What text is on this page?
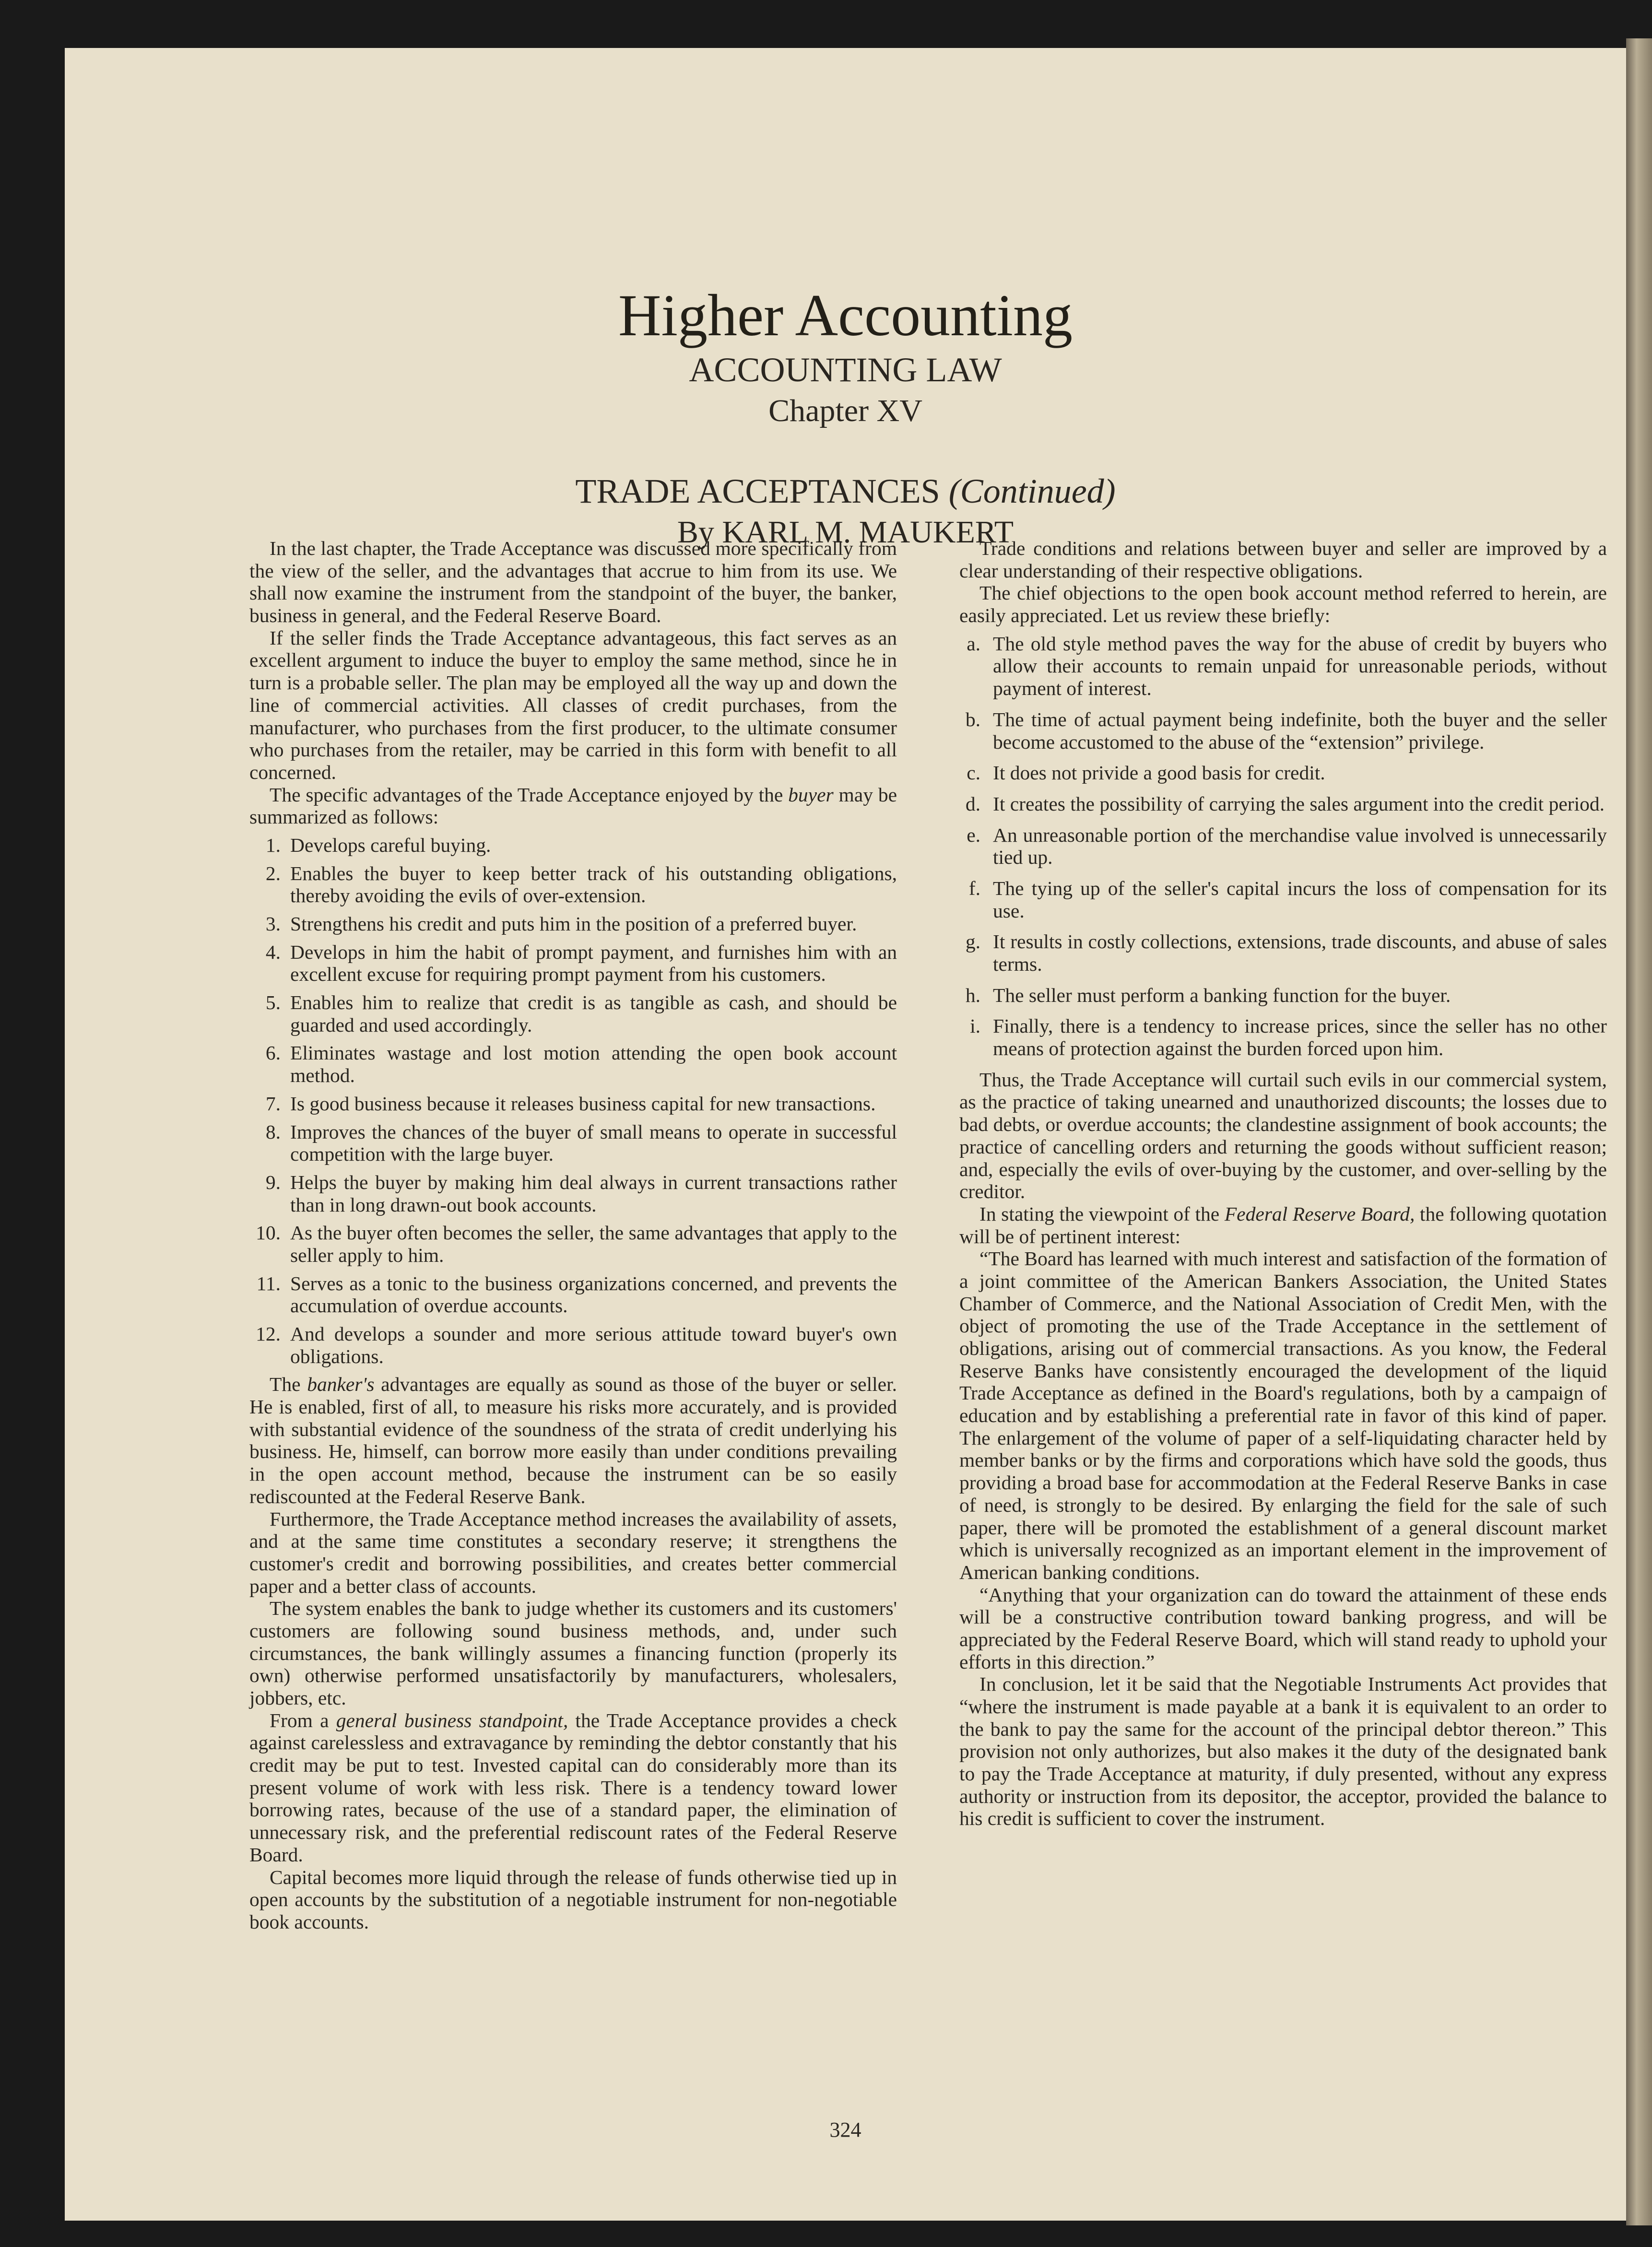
Higher Accounting
ACCOUNTING LAW
Chapter XV
TRADE ACCEPTANCES (Continued)
By KARL M. MAUKERT

In the last chapter, the Trade Acceptance was discussed more specifically from the view of the seller, and the advantages that accrue to him from its use. We shall now examine the instrument from the standpoint of the buyer, the banker, business in general, and the Federal Reserve Board.

If the seller finds the Trade Acceptance advantageous, this fact serves as an excellent argument to induce the buyer to employ the same method, since he in turn is a probable seller. The plan may be employed all the way up and down the line of commercial activities. All classes of credit purchases, from the manufacturer, who purchases from the first producer, to the ultimate consumer who purchases from the retailer, may be carried in this form with benefit to all concerned.

The specific advantages of the Trade Acceptance enjoyed by the buyer may be summarized as follows:

1. Develops careful buying.
2. Enables the buyer to keep better track of his outstanding obligations, thereby avoiding the evils of over-extension.
3. Strengthens his credit and puts him in the position of a preferred buyer.
4. Develops in him the habit of prompt payment, and furnishes him with an excellent excuse for requiring prompt payment from his customers.
5. Enables him to realize that credit is as tangible as cash, and should be guarded and used accordingly.
6. Eliminates wastage and lost motion attending the open book account method.
7. Is good business because it releases business capital for new transactions.
8. Improves the chances of the buyer of small means to operate in successful competition with the large buyer.
9. Helps the buyer by making him deal always in current transactions rather than in long drawn-out book accounts.
10. As the buyer often becomes the seller, the same advantages that apply to the seller apply to him.
11. Serves as a tonic to the business organizations concerned, and prevents the accumulation of overdue accounts.
12. And develops a sounder and more serious attitude toward buyer's own obligations.

The banker's advantages are equally as sound as those of the buyer or seller. He is enabled, first of all, to measure his risks more accurately, and is provided with substantial evidence of the soundness of the strata of credit underlying his business. He, himself, can borrow more easily than under conditions prevailing in the open account method, because the instrument can be so easily rediscounted at the Federal Reserve Bank.

Furthermore, the Trade Acceptance method increases the availability of assets, and at the same time constitutes a secondary reserve; it strengthens the customer's credit and borrowing possibilities, and creates better commercial paper and a better class of accounts.

The system enables the bank to judge whether its customers and its customers' customers are following sound business methods, and, under such circumstances, the bank willingly assumes a financing function (properly its own) otherwise performed unsatisfactorily by manufacturers, wholesalers, jobbers, etc.

From a general business standpoint, the Trade Acceptance provides a check against carelessless and extravagance by reminding the debtor constantly that his credit may be put to test. Invested capital can do considerably more than its present volume of work with less risk. There is a tendency toward lower borrowing rates, because of the use of a standard paper, the elimination of unnecessary risk, and the preferential rediscount rates of the Federal Reserve Board.

Capital becomes more liquid through the release of funds otherwise tied up in open accounts by the substitution of a negotiable instrument for non-negotiable book accounts.

Trade conditions and relations between buyer and seller are improved by a clear understanding of their respective obligations.

The chief objections to the open book account method referred to herein, are easily appreciated. Let us review these briefly:

a. The old style method paves the way for the abuse of credit by buyers who allow their accounts to remain unpaid for unreasonable periods, without payment of interest.
b. The time of actual payment being indefinite, both the buyer and the seller become accustomed to the abuse of the “extension” privilege.
c. It does not privide a good basis for credit.
d. It creates the possibility of carrying the sales argument into the credit period.
e. An unreasonable portion of the merchandise value involved is unnecessarily tied up.
f. The tying up of the seller's capital incurs the loss of compensation for its use.
g. It results in costly collections, extensions, trade discounts, and abuse of sales terms.
h. The seller must perform a banking function for the buyer.
i. Finally, there is a tendency to increase prices, since the seller has no other means of protection against the burden forced upon him.

Thus, the Trade Acceptance will curtail such evils in our commercial system, as the practice of taking unearned and unauthorized discounts; the losses due to bad debts, or overdue accounts; the clandestine assignment of book accounts; the practice of cancelling orders and returning the goods without sufficient reason; and, especially the evils of over-buying by the customer, and over-selling by the creditor.

In stating the viewpoint of the Federal Reserve Board, the following quotation will be of pertinent interest:

“The Board has learned with much interest and satisfaction of the formation of a joint committee of the American Bankers Association, the United States Chamber of Commerce, and the National Association of Credit Men, with the object of promoting the use of the Trade Acceptance in the settlement of obligations, arising out of commercial transactions. As you know, the Federal Reserve Banks have consistently encouraged the development of the liquid Trade Acceptance as defined in the Board's regulations, both by a campaign of education and by establishing a preferential rate in favor of this kind of paper. The enlargement of the volume of paper of a self-liquidating character held by member banks or by the firms and corporations which have sold the goods, thus providing a broad base for accommodation at the Federal Reserve Banks in case of need, is strongly to be desired. By enlarging the field for the sale of such paper, there will be promoted the establishment of a general discount market which is universally recognized as an important element in the improvement of American banking conditions.

“Anything that your organization can do toward the attainment of these ends will be a constructive contribution toward banking progress, and will be appreciated by the Federal Reserve Board, which will stand ready to uphold your efforts in this direction.”

In conclusion, let it be said that the Negotiable Instruments Act provides that “where the instrument is made payable at a bank it is equivalent to an order to the bank to pay the same for the account of the principal debtor thereon.” This provision not only authorizes, but also makes it the duty of the designated bank to pay the Trade Acceptance at maturity, if duly presented, without any express authority or instruction from its depositor, the acceptor, provided the balance to his credit is sufficient to cover the instrument.

324
